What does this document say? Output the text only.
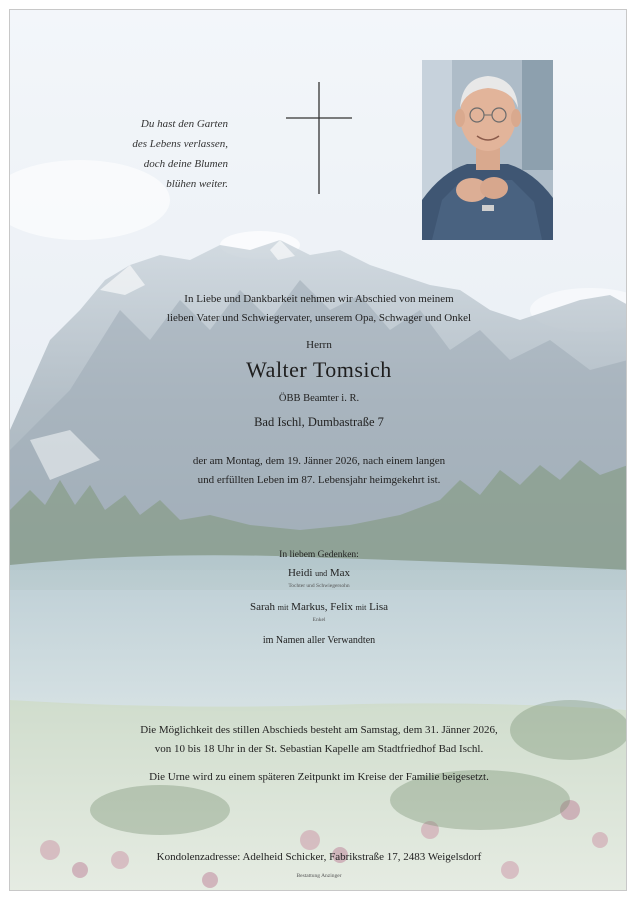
Du hast den Garten
des Lebens verlassen,
doch deine Blumen
blühen weiter.
In Liebe und Dankbarkeit nehmen wir Abschied von meinem
lieben Vater und Schwiegervater, unserem Opa, Schwager und Onkel
Herrn
Walter Tomsich
ÖBB Beamter i. R.
Bad Ischl, Dumbastraße 7
der am Montag, dem 19. Jänner 2026, nach einem langen
und erfüllten Leben im 87. Lebensjahr heimgekehrt ist.
In liebem Gedenken:
Heidi und Max
Tochter und Schwiegersohn
Sarah mit Markus, Felix mit Lisa
Enkel
im Namen aller Verwandten
Die Möglichkeit des stillen Abschieds besteht am Samstag, dem 31. Jänner 2026,
von 10 bis 18 Uhr in der St. Sebastian Kapelle am Stadtfriedhof Bad Ischl.
Die Urne wird zu einem späteren Zeitpunkt im Kreise der Familie beigesetzt.
Kondolenzadresse: Adelheid Schicker, Fabrikstraße 17, 2483 Weigelsdorf
Bestattung Anzinger
